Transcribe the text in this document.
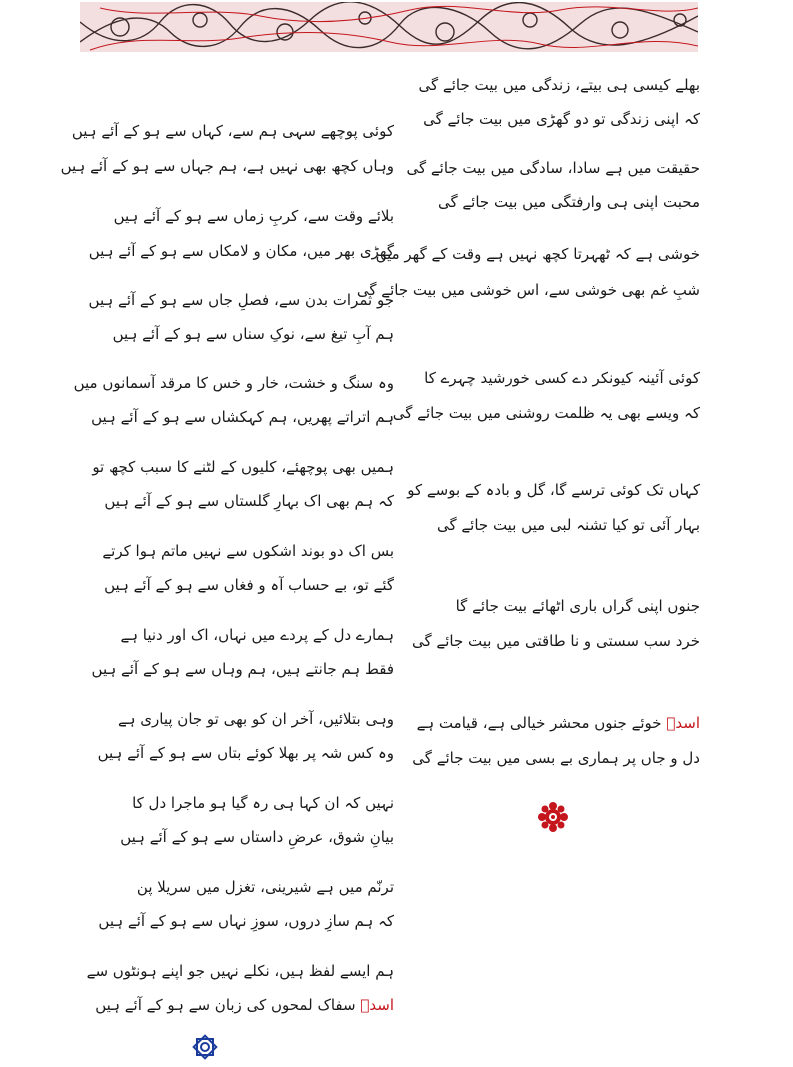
بھلے کیسی ہی بیتے، زندگی میں بیت جائے گی
کہ اپنی زندگی تو دو گھڑی میں بیت جائے گی
حقیقت میں ہے سادا، سادگی میں بیت جائے گی
محبت اپنی ہی وارفتگی میں بیت جائے گی
خوشی ہے کہ ٹھہرتا کچھ نہیں ہے وقت کے گھر میں
شبِ غم بھی خوشی سے، اس خوشی میں بیت جائے گی
کوئی آئینہ کیونکر دے کسی خورشید چہرے کا
کہ ویسے بھی یہ ظلمت روشنی میں بیت جائے گی
کہاں تک کوئی ترسے گا، گل و بادہ کے بوسے کو
بہار آئی تو کیا تشنہ لبی میں بیت جائے گی
جنوں اپنی گراں باری اٹھائے بیت جائے گا
خرد سب سستی و نا طاقتی میں بیت جائے گی
اسدؔ خوئے جنوں محشر خیالی ہے، قیامت ہے
دل و جاں پر ہماری بے بسی میں بیت جائے گی
کوئی پوچھے سہی ہم سے، کہاں سے ہو کے آئے ہیں
وہاں کچھ بھی نہیں ہے، ہم جہاں سے ہو کے آئے ہیں
بلائے وقت سے، کربِ زماں سے ہو کے آئے ہیں
گھڑی بھر میں، مکان و لامکاں سے ہو کے آئے ہیں
جو ثمرات بدن سے، فصلِ جاں سے ہو کے آئے ہیں
ہم آبِ تیغ سے، نوکِ سناں سے ہو کے آئے ہیں
وہ سنگ و خشت، خار و خس کا مرقد آسمانوں میں
ہم اتراتے پھریں، ہم کہکشاں سے ہو کے آئے ہیں
ہمیں بھی پوچھئے، کلیوں کے لٹنے کا سبب کچھ تو
کہ ہم بھی اک بہارِ گلستاں سے ہو کے آئے ہیں
بس اک دو بوند اشکوں سے نہیں ماتم ہوا کرتے
گئے تو، بے حساب آہ و فغاں سے ہو کے آئے ہیں
ہمارے دل کے پردے میں نہاں، اک اور دنیا ہے
فقط ہم جانتے ہیں، ہم وہاں سے ہو کے آئے ہیں
وہی بتلائیں، آخر ان کو بھی تو جان پیاری ہے
وہ کس شہ پر بھلا کوئے بتاں سے ہو کے آئے ہیں
نہیں کہ ان کہا ہی رہ گیا ہو ماجرا دل کا
بیانِ شوق، عرضِ داستاں سے ہو کے آئے ہیں
ترنّم میں ہے شیرینی، تغزل میں سریلا پن
کہ ہم سازِ دروں، سوزِ نہاں سے ہو کے آئے ہیں
ہم ایسے لفظ ہیں، نکلے نہیں جو اپنے ہونٹوں سے
اسدؔ سفاک لمحوں کی زبان سے ہو کے آئے ہیں
